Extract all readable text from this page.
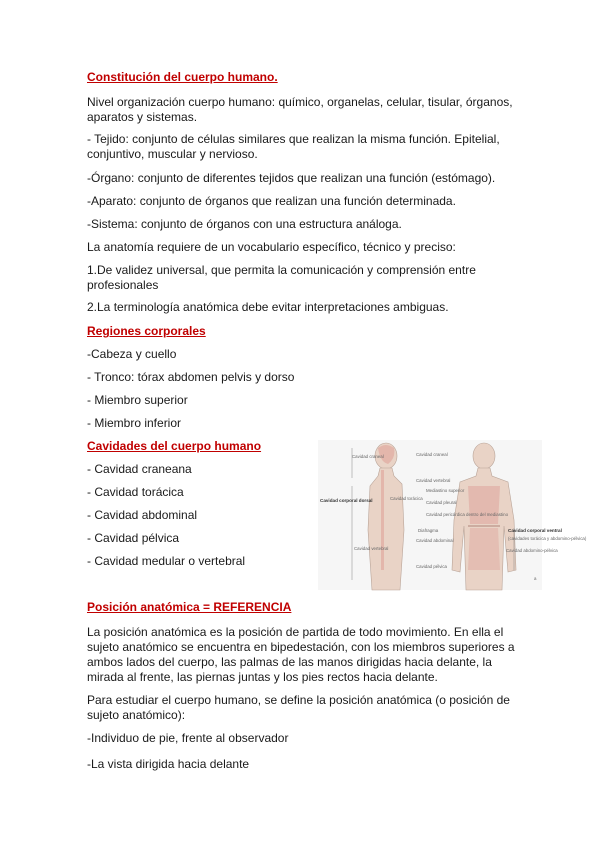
Constitución del cuerpo humano.

Nivel organización cuerpo humano: químico, organelas, celular, tisular, órganos, aparatos y sistemas.

- Tejido: conjunto de células similares que realizan la misma función. Epitelial, conjuntivo, muscular y nervioso.

-Órgano: conjunto de diferentes tejidos que realizan una función (estómago).

-Aparato: conjunto de órganos que realizan una función determinada.

-Sistema: conjunto de órganos con una estructura análoga.

La anatomía requiere de un vocabulario específico, técnico y preciso:

1.De validez universal, que permita la comunicación y comprensión entre profesionales

2.La terminología anatómica debe evitar interpretaciones ambiguas.

Regiones corporales

-Cabeza y cuello

- Tronco: tórax abdomen pelvis y dorso

- Miembro superior

- Miembro inferior

Cavidades del cuerpo humano

- Cavidad craneana

- Cavidad torácica

- Cavidad abdominal

- Cavidad pélvica

- Cavidad medular o vertebral

Cavidad craneal
Cavidad corporal dorsal
Cavidad vertebral
Cavidad craneal
Cavidad vertebral
Cavidad torácica
Mediastino superior
Cavidad pleural
Cavidad pericárdica dentro del mediastino
Diafragma
Cavidad abdominal
Cavidad pélvica
Cavidad abdomino-pélvica
Cavidad corporal ventral
(cavidades torácica y abdomino-pélvica)
a

Posición anatómica = REFERENCIA

La posición anatómica es la posición de partida de todo movimiento. En ella el sujeto anatómico se encuentra en bipedestación, con los miembros superiores a ambos lados del cuerpo, las palmas de las manos dirigidas hacia delante, la mirada al frente, las piernas juntas y los pies rectos hacia delante.

Para estudiar el cuerpo humano, se define la posición anatómica (o posición de sujeto anatómico):

-Individuo de pie, frente al observador

-La vista dirigida hacia delante
